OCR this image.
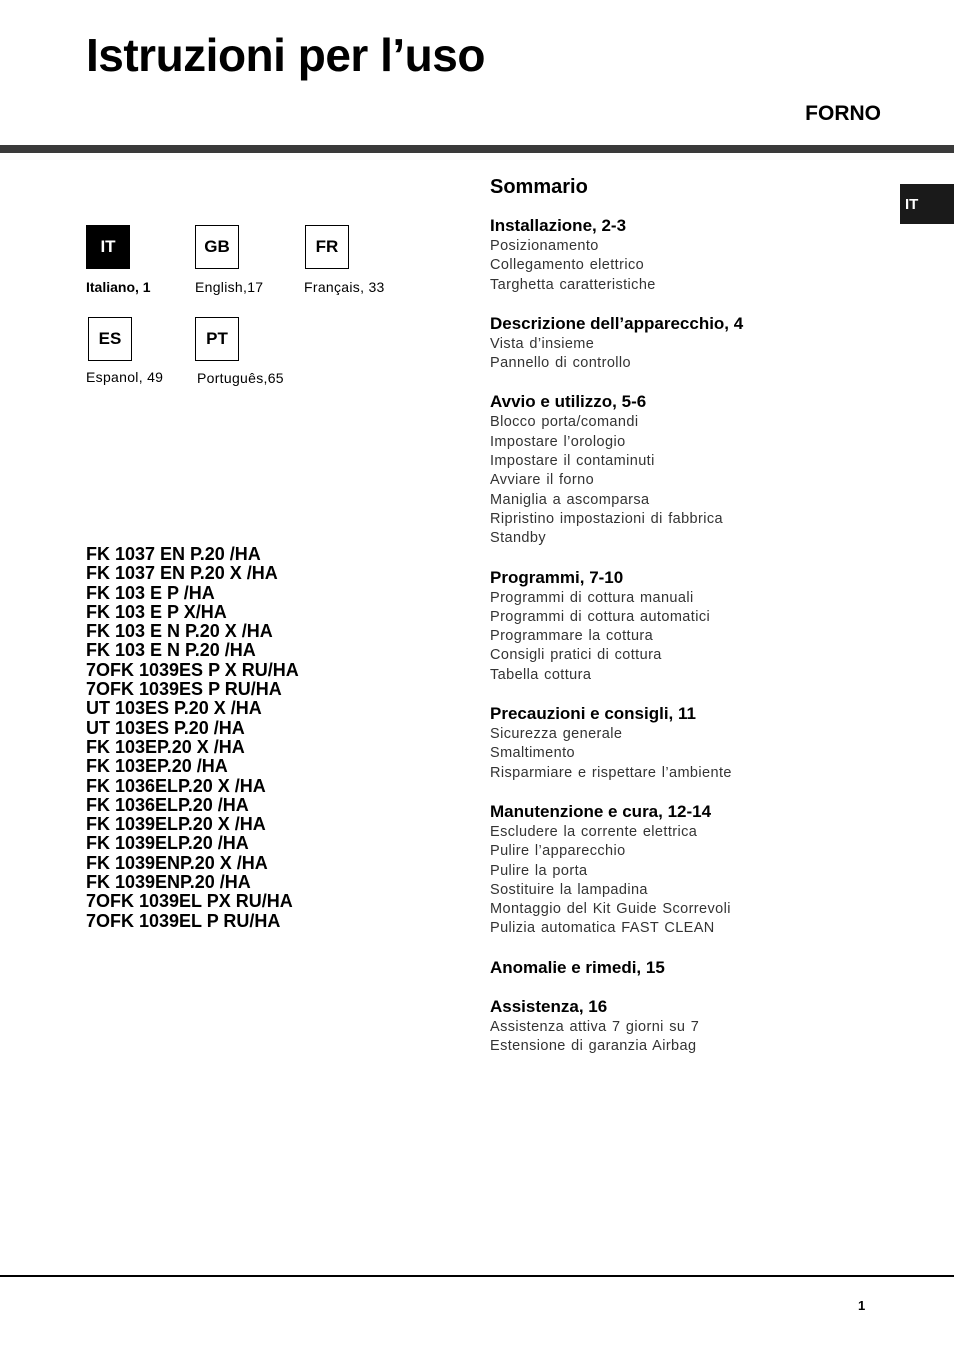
Istruzioni per l’uso
FORNO
IT
IT
Italiano, 1
GB
English,17
FR
Français, 33
ES
Espanol, 49
PT
Português,65
FK 1037 EN P.20 /HA
FK 1037 EN P.20 X /HA
FK 103 E P /HA
FK 103 E P X/HA
FK 103 E N P.20 X /HA
FK 103 E N P.20 /HA
7OFK 1039ES P X RU/HA
7OFK 1039ES P RU/HA
UT 103ES P.20 X /HA
UT 103ES P.20 /HA
FK 103EP.20 X /HA
FK 103EP.20 /HA
FK 1036ELP.20 X /HA
FK 1036ELP.20 /HA
FK 1039ELP.20 X /HA
FK 1039ELP.20 /HA
FK 1039ENP.20 X /HA
FK 1039ENP.20 /HA
7OFK 1039EL PX RU/HA
7OFK 1039EL P RU/HA
Sommario
Installazione, 2-3
Posizionamento
Collegamento elettrico
Targhetta caratteristiche
Descrizione dell’apparecchio, 4
Vista d’insieme
Pannello di controllo
Avvio e utilizzo, 5-6
Blocco porta/comandi
Impostare l’orologio
Impostare il contaminuti
Avviare il forno
Maniglia a ascomparsa
Ripristino impostazioni di fabbrica
Standby
Programmi, 7-10
Programmi di cottura manuali
Programmi di cottura automatici
Programmare la cottura
Consigli pratici di cottura
Tabella cottura
Precauzioni e consigli, 11
Sicurezza generale
Smaltimento
Risparmiare e rispettare l’ambiente
Manutenzione e cura, 12-14
Escludere la corrente elettrica
Pulire l’apparecchio
Pulire la porta
Sostituire la lampadina
Montaggio del Kit Guide Scorrevoli
Pulizia automatica FAST CLEAN
Anomalie e rimedi, 15
Assistenza, 16
Assistenza attiva 7 giorni su 7
Estensione di garanzia Airbag
1
